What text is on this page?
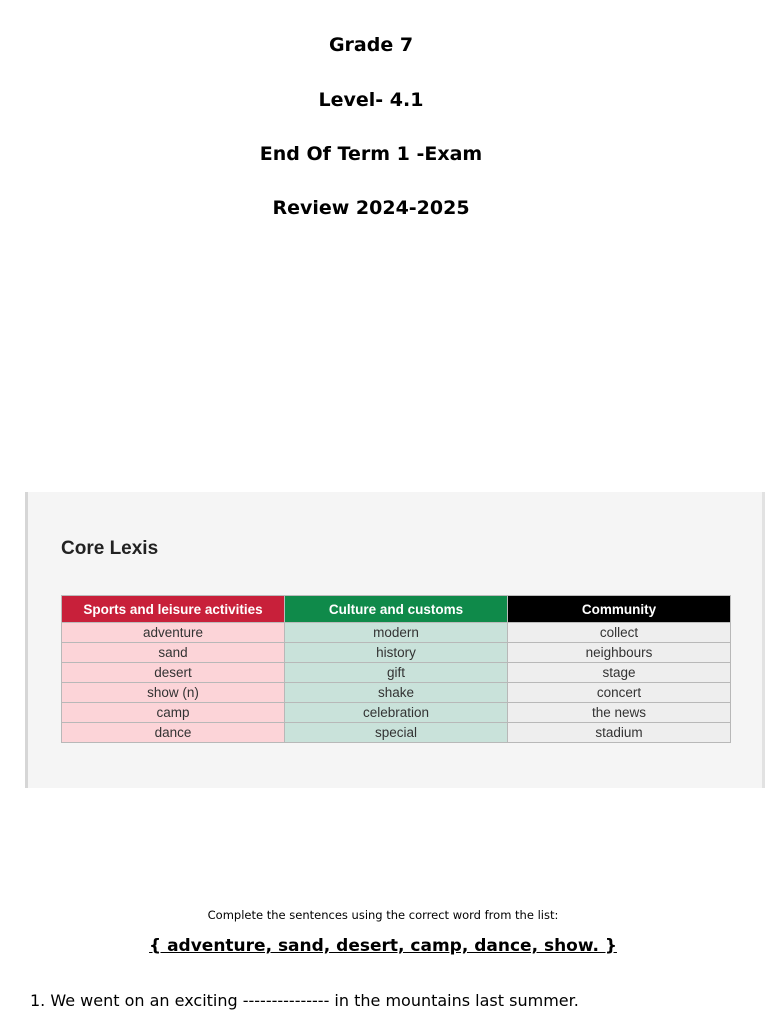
Grade 7
Level- 4.1
End Of Term 1 -Exam
Review 2024-2025
Core Lexis
Sports and leisure activities	Culture and customs	Community
adventure	modern	collect
sand	history	neighbours
desert	gift	stage
show (n)	shake	concert
camp	celebration	the news
dance	special	stadium

Complete the sentences using the correct word from the list:

{ adventure, sand, desert, camp, dance, show. }

1. We went on an exciting --------------- in the mountains last summer.
